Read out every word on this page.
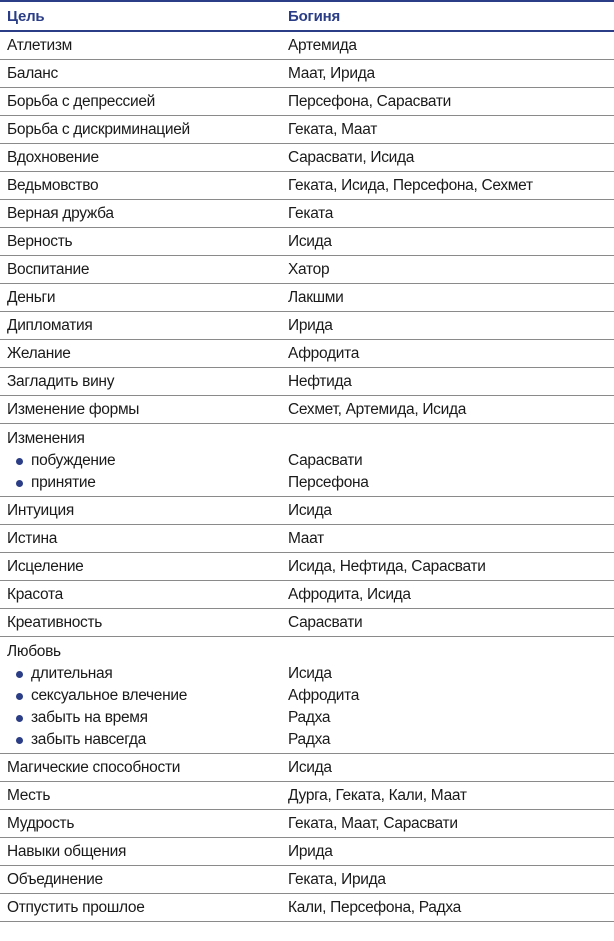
Цель	Богиня
Атлетизм	Артемида
Баланс	Маат, Ирида
Борьба с депрессией	Персефона, Сарасвати
Борьба с дискриминацией	Геката, Маат
Вдохновение	Сарасвати, Исида
Ведьмовство	Геката, Исида, Персефона, Сехмет
Верная дружба	Геката
Верность	Исида
Воспитание	Хатор
Деньги	Лакшми
Дипломатия	Ирида
Желание	Афродита
Загладить вину	Нефтида
Изменение формы	Сехмет, Артемида, Исида
Изменения
побуждение	Сарасвати
принятие	Персефона
Интуиция	Исида
Истина	Маат
Исцеление	Исида, Нефтида, Сарасвати
Красота	Афродита, Исида
Креативность	Сарасвати
Любовь
длительная	Исида
сексуальное влечение	Афродита
забыть на время	Радха
забыть навсегда	Радха
Магические способности	Исида
Месть	Дурга, Геката, Кали, Маат
Мудрость	Геката, Маат, Сарасвати
Навыки общения	Ирида
Объединение	Геката, Ирида
Отпустить прошлое	Кали, Персефона, Радха
